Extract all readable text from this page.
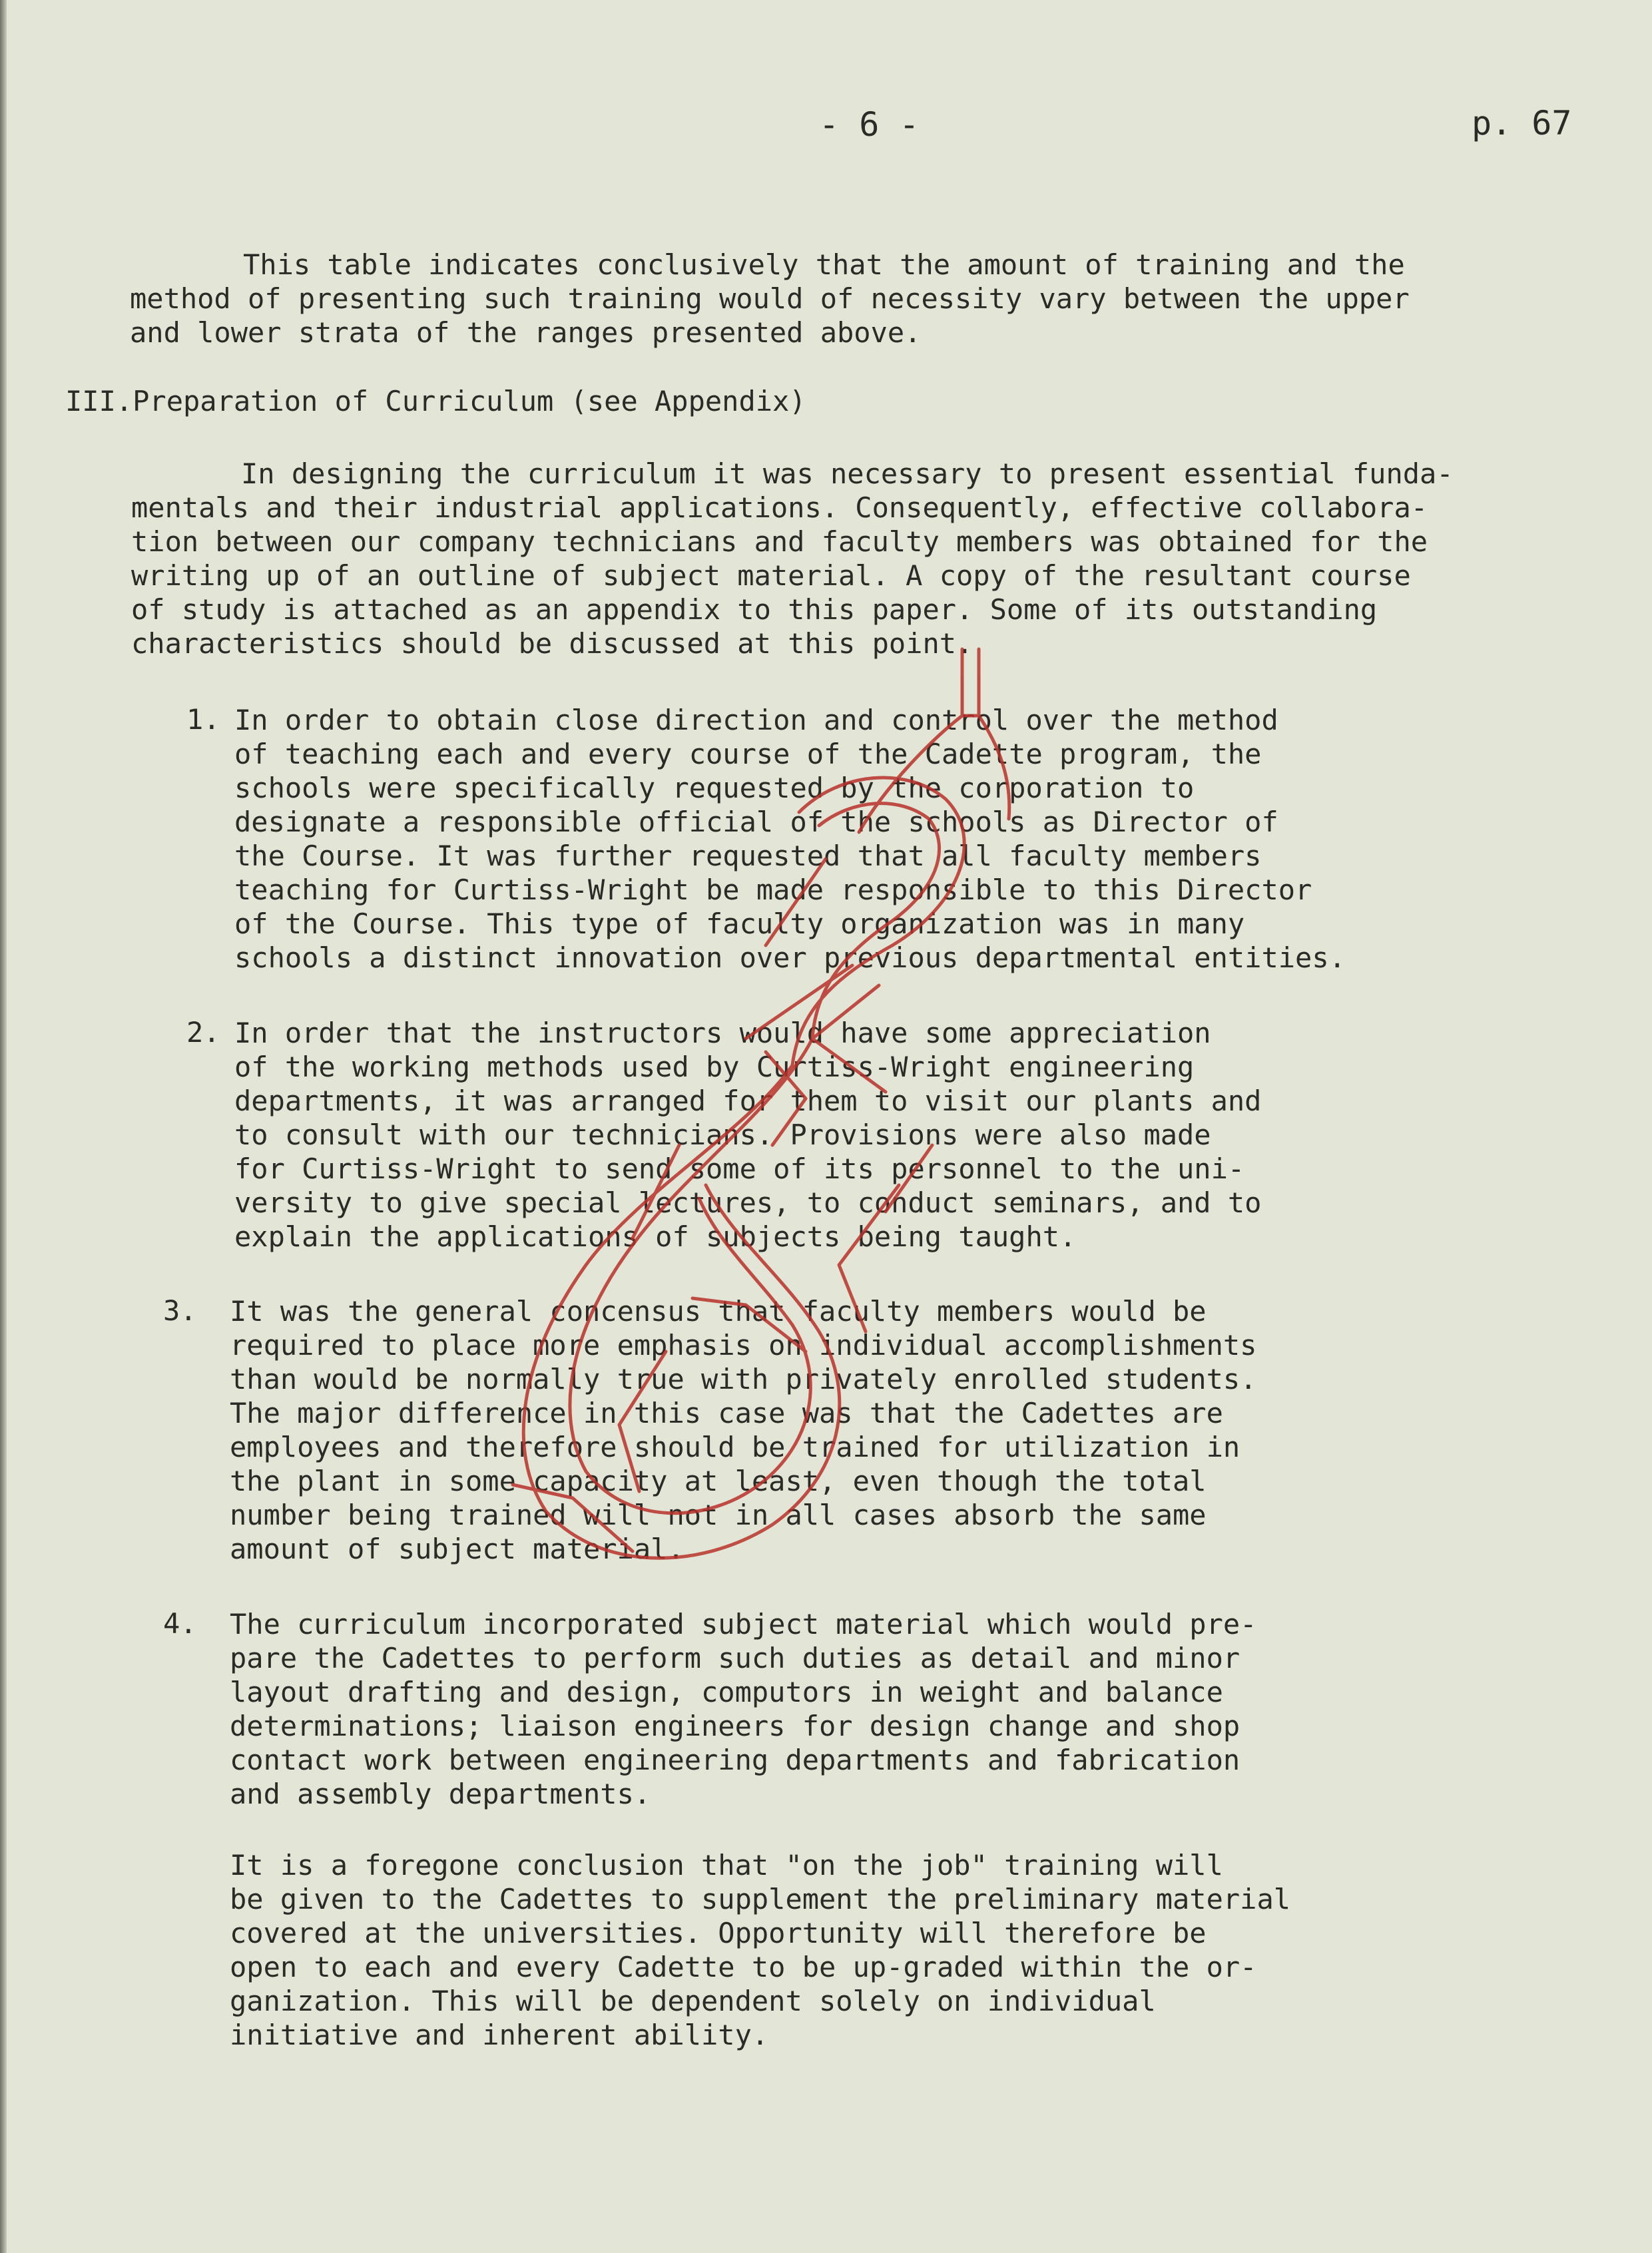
- 6 -	p. 67

This table indicates conclusively that the amount of training and the
method of presenting such training would of necessity vary between the upper
and lower strata of the ranges presented above.

III.Preparation of Curriculum (see Appendix)

In designing the curriculum it was necessary to present essential funda-
mentals and their industrial applications. Consequently, effective collabora-
tion between our company technicians and faculty members was obtained for the
writing up of an outline of subject material. A copy of the resultant course
of study is attached as an appendix to this paper. Some of its outstanding
characteristics should be discussed at this point.
1. In order to obtain close direction and control over the method
of teaching each and every course of the Cadette program, the
schools were specifically requested by the corporation to
designate a responsible official of the schools as Director of
the Course. It was further requested that all faculty members
teaching for Curtiss-Wright be made responsible to this Director
of the Course. This type of faculty organization was in many
schools a distinct innovation over previous departmental entities.
2. In order that the instructors would have some appreciation
of the working methods used by Curtiss-Wright engineering
departments, it was arranged for them to visit our plants and
to consult with our technicians. Provisions were also made
for Curtiss-Wright to send some of its personnel to the uni-
versity to give special lectures, to conduct seminars, and to
explain the applications of subjects being taught.
3. It was the general concensus that faculty members would be
required to place more emphasis on individual accomplishments
than would be normally true with privately enrolled students.
The major difference in this case was that the Cadettes are
employees and therefore should be trained for utilization in
the plant in some capacity at least, even though the total
number being trained will not in all cases absorb the same
amount of subject material.
4. The curriculum incorporated subject material which would pre-
pare the Cadettes to perform such duties as detail and minor
layout drafting and design, computors in weight and balance
determinations; liaison engineers for design change and shop
contact work between engineering departments and fabrication
and assembly departments.
It is a foregone conclusion that "on the job" training will
be given to the Cadettes to supplement the preliminary material
covered at the universities. Opportunity will therefore be
open to each and every Cadette to be up-graded within the or-
ganization. This will be dependent solely on individual
initiative and inherent ability.
